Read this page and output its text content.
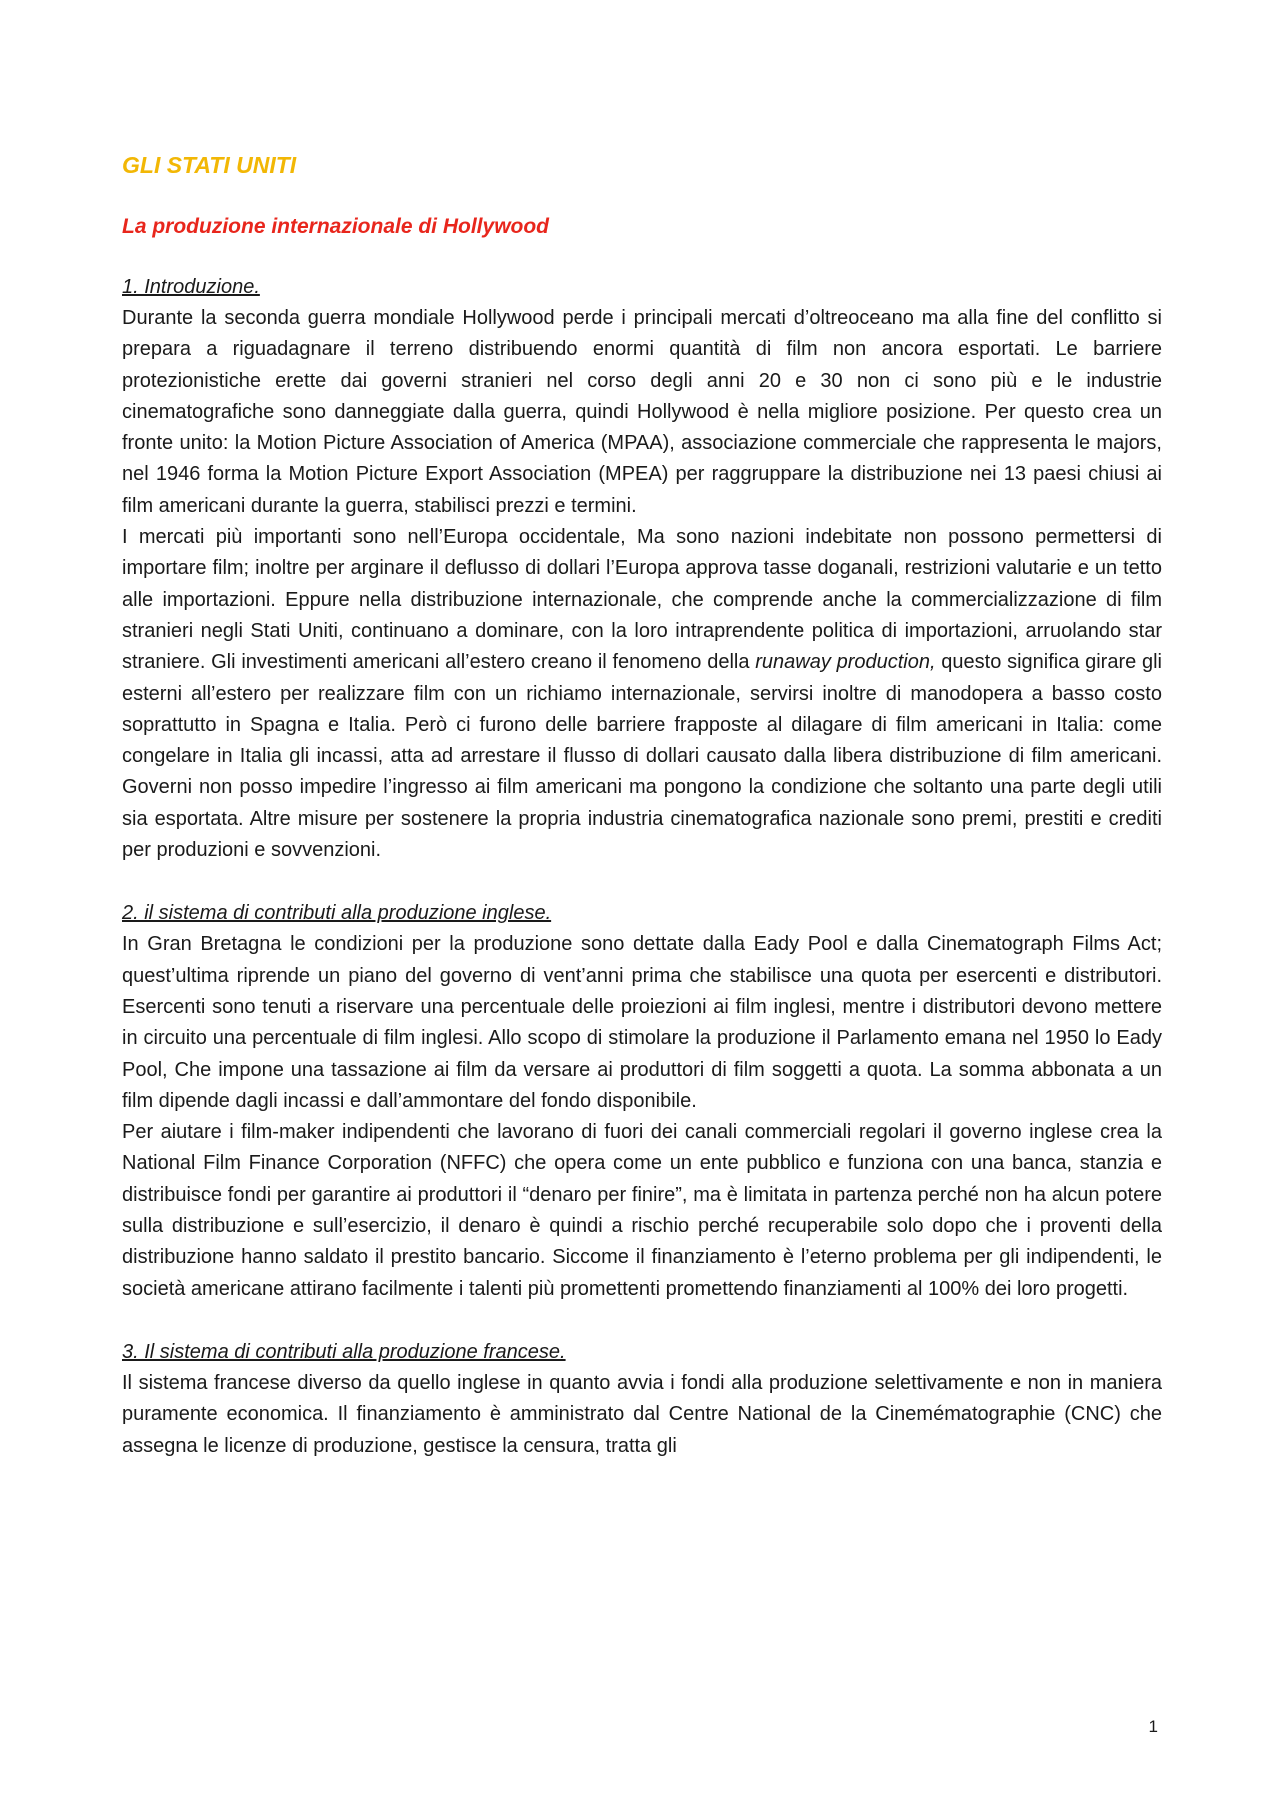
GLI STATI UNITI
La produzione internazionale di Hollywood
1. Introduzione.

Durante la seconda guerra mondiale Hollywood perde i principali mercati d’oltreoceano ma alla fine del conflitto si prepara a riguadagnare il terreno distribuendo enormi quantità di film non ancora esportati. Le barriere protezionistiche erette dai governi stranieri nel corso degli anni 20 e 30 non ci sono più e le industrie cinematografiche sono danneggiate dalla guerra, quindi Hollywood è nella migliore posizione. Per questo crea un fronte unito: la Motion Picture Association of America (MPAA), associazione commerciale che rappresenta le majors, nel 1946 forma la Motion Picture Export Association (MPEA) per raggruppare la distribuzione nei 13 paesi chiusi ai film americani durante la guerra, stabilisci prezzi e termini.

I mercati più importanti sono nell’Europa occidentale, Ma sono nazioni indebitate non possono permettersi di importare film; inoltre per arginare il deflusso di dollari l’Europa approva tasse doganali, restrizioni valutarie e un tetto alle importazioni. Eppure nella distribuzione internazionale, che comprende anche la commercializzazione di film stranieri negli Stati Uniti, continuano a dominare, con la loro intraprendente politica di importazioni, arruolando star straniere. Gli investimenti americani all’estero creano il fenomeno della runaway production, questo significa girare gli esterni all’estero per realizzare film con un richiamo internazionale, servirsi inoltre di manodopera a basso costo soprattutto in Spagna e Italia. Però ci furono delle barriere frapposte al dilagare di film americani in Italia: come congelare in Italia gli incassi, atta ad arrestare il flusso di dollari causato dalla libera distribuzione di film americani. Governi non posso impedire l’ingresso ai film americani ma pongono la condizione che soltanto una parte degli utili sia esportata. Altre misure per sostenere la propria industria cinematografica nazionale sono premi, prestiti e crediti per produzioni e sovvenzioni.

2. il sistema di contributi alla produzione inglese.

In Gran Bretagna le condizioni per la produzione sono dettate dalla Eady Pool e dalla Cinematograph Films Act; quest’ultima riprende un piano del governo di vent’anni prima che stabilisce una quota per esercenti e distributori. Esercenti sono tenuti a riservare una percentuale delle proiezioni ai film inglesi, mentre i distributori devono mettere in circuito una percentuale di film inglesi. Allo scopo di stimolare la produzione il Parlamento emana nel 1950 lo Eady Pool, Che impone una tassazione ai film da versare ai produttori di film soggetti a quota. La somma abbonata a un film dipende dagli incassi e dall’ammontare del fondo disponibile.

Per aiutare i film-maker indipendenti che lavorano di fuori dei canali commerciali regolari il governo inglese crea la National Film Finance Corporation (NFFC) che opera come un ente pubblico e funziona con una banca, stanzia e distribuisce fondi per garantire ai produttori il “denaro per finire”, ma è limitata in partenza perché non ha alcun potere sulla distribuzione e sull’esercizio, il denaro è quindi a rischio perché recuperabile solo dopo che i proventi della distribuzione hanno saldato il prestito bancario. Siccome il finanziamento è l’eterno problema per gli indipendenti, le società americane attirano facilmente i talenti più promettenti promettendo finanziamenti al 100% dei loro progetti.

3. Il sistema di contributi alla produzione francese.

Il sistema francese diverso da quello inglese in quanto avvia i fondi alla produzione selettivamente e non in maniera puramente economica. Il finanziamento è amministrato dal Centre National de la Cinemématographie (CNC) che assegna le licenze di produzione, gestisce la censura, tratta gli

1
